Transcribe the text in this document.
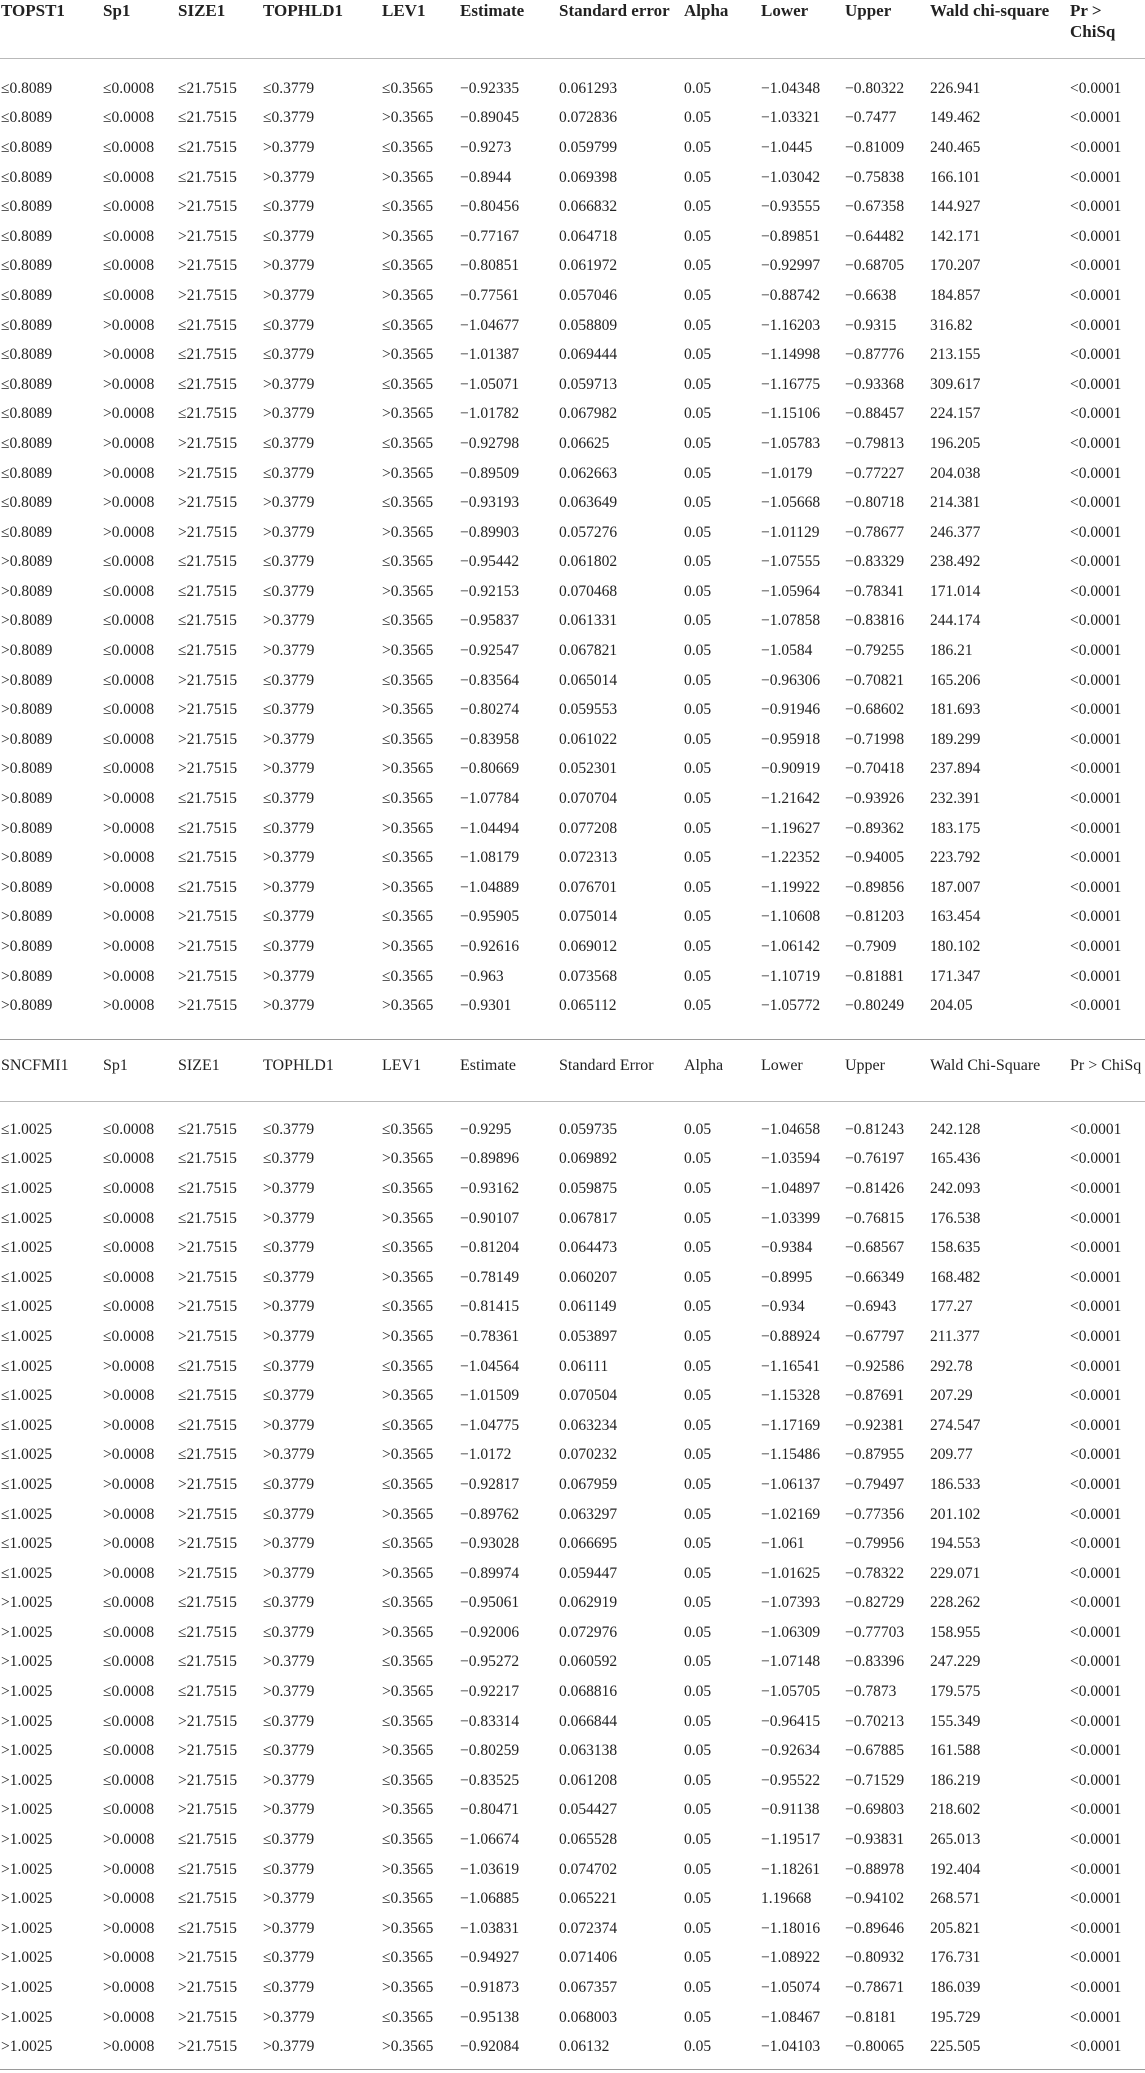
TOPST1	Sp1	SIZE1	TOPHLD1	LEV1	Estimate	Standard error	Alpha	Lower	Upper	Wald chi-square	Pr > ChiSq
≤0.8089	≤0.0008	≤21.7515	≤0.3779	≤0.3565	−0.92335	0.061293	0.05	−1.04348	−0.80322	226.941	<0.0001
≤0.8089	≤0.0008	≤21.7515	≤0.3779	>0.3565	−0.89045	0.072836	0.05	−1.03321	−0.7477	149.462	<0.0001
≤0.8089	≤0.0008	≤21.7515	>0.3779	≤0.3565	−0.9273	0.059799	0.05	−1.0445	−0.81009	240.465	<0.0001
≤0.8089	≤0.0008	≤21.7515	>0.3779	>0.3565	−0.8944	0.069398	0.05	−1.03042	−0.75838	166.101	<0.0001
≤0.8089	≤0.0008	>21.7515	≤0.3779	≤0.3565	−0.80456	0.066832	0.05	−0.93555	−0.67358	144.927	<0.0001
≤0.8089	≤0.0008	>21.7515	≤0.3779	>0.3565	−0.77167	0.064718	0.05	−0.89851	−0.64482	142.171	<0.0001
≤0.8089	≤0.0008	>21.7515	>0.3779	≤0.3565	−0.80851	0.061972	0.05	−0.92997	−0.68705	170.207	<0.0001
≤0.8089	≤0.0008	>21.7515	>0.3779	>0.3565	−0.77561	0.057046	0.05	−0.88742	−0.6638	184.857	<0.0001
≤0.8089	>0.0008	≤21.7515	≤0.3779	≤0.3565	−1.04677	0.058809	0.05	−1.16203	−0.9315	316.82	<0.0001
≤0.8089	>0.0008	≤21.7515	≤0.3779	>0.3565	−1.01387	0.069444	0.05	−1.14998	−0.87776	213.155	<0.0001
≤0.8089	>0.0008	≤21.7515	>0.3779	≤0.3565	−1.05071	0.059713	0.05	−1.16775	−0.93368	309.617	<0.0001
≤0.8089	>0.0008	≤21.7515	>0.3779	>0.3565	−1.01782	0.067982	0.05	−1.15106	−0.88457	224.157	<0.0001
≤0.8089	>0.0008	>21.7515	≤0.3779	≤0.3565	−0.92798	0.06625	0.05	−1.05783	−0.79813	196.205	<0.0001
≤0.8089	>0.0008	>21.7515	≤0.3779	>0.3565	−0.89509	0.062663	0.05	−1.0179	−0.77227	204.038	<0.0001
≤0.8089	>0.0008	>21.7515	>0.3779	≤0.3565	−0.93193	0.063649	0.05	−1.05668	−0.80718	214.381	<0.0001
≤0.8089	>0.0008	>21.7515	>0.3779	>0.3565	−0.89903	0.057276	0.05	−1.01129	−0.78677	246.377	<0.0001
>0.8089	≤0.0008	≤21.7515	≤0.3779	≤0.3565	−0.95442	0.061802	0.05	−1.07555	−0.83329	238.492	<0.0001
>0.8089	≤0.0008	≤21.7515	≤0.3779	>0.3565	−0.92153	0.070468	0.05	−1.05964	−0.78341	171.014	<0.0001
>0.8089	≤0.0008	≤21.7515	>0.3779	≤0.3565	−0.95837	0.061331	0.05	−1.07858	−0.83816	244.174	<0.0001
>0.8089	≤0.0008	≤21.7515	>0.3779	>0.3565	−0.92547	0.067821	0.05	−1.0584	−0.79255	186.21	<0.0001
>0.8089	≤0.0008	>21.7515	≤0.3779	≤0.3565	−0.83564	0.065014	0.05	−0.96306	−0.70821	165.206	<0.0001
>0.8089	≤0.0008	>21.7515	≤0.3779	>0.3565	−0.80274	0.059553	0.05	−0.91946	−0.68602	181.693	<0.0001
>0.8089	≤0.0008	>21.7515	>0.3779	≤0.3565	−0.83958	0.061022	0.05	−0.95918	−0.71998	189.299	<0.0001
>0.8089	≤0.0008	>21.7515	>0.3779	>0.3565	−0.80669	0.052301	0.05	−0.90919	−0.70418	237.894	<0.0001
>0.8089	>0.0008	≤21.7515	≤0.3779	≤0.3565	−1.07784	0.070704	0.05	−1.21642	−0.93926	232.391	<0.0001
>0.8089	>0.0008	≤21.7515	≤0.3779	>0.3565	−1.04494	0.077208	0.05	−1.19627	−0.89362	183.175	<0.0001
>0.8089	>0.0008	≤21.7515	>0.3779	≤0.3565	−1.08179	0.072313	0.05	−1.22352	−0.94005	223.792	<0.0001
>0.8089	>0.0008	≤21.7515	>0.3779	>0.3565	−1.04889	0.076701	0.05	−1.19922	−0.89856	187.007	<0.0001
>0.8089	>0.0008	>21.7515	≤0.3779	≤0.3565	−0.95905	0.075014	0.05	−1.10608	−0.81203	163.454	<0.0001
>0.8089	>0.0008	>21.7515	≤0.3779	>0.3565	−0.92616	0.069012	0.05	−1.06142	−0.7909	180.102	<0.0001
>0.8089	>0.0008	>21.7515	>0.3779	≤0.3565	−0.963	0.073568	0.05	−1.10719	−0.81881	171.347	<0.0001
>0.8089	>0.0008	>21.7515	>0.3779	>0.3565	−0.9301	0.065112	0.05	−1.05772	−0.80249	204.05	<0.0001
SNCFMI1	Sp1	SIZE1	TOPHLD1	LEV1	Estimate	Standard Error	Alpha	Lower	Upper	Wald Chi-Square	Pr > ChiSq
≤1.0025	≤0.0008	≤21.7515	≤0.3779	≤0.3565	−0.9295	0.059735	0.05	−1.04658	−0.81243	242.128	<0.0001
≤1.0025	≤0.0008	≤21.7515	≤0.3779	>0.3565	−0.89896	0.069892	0.05	−1.03594	−0.76197	165.436	<0.0001
≤1.0025	≤0.0008	≤21.7515	>0.3779	≤0.3565	−0.93162	0.059875	0.05	−1.04897	−0.81426	242.093	<0.0001
≤1.0025	≤0.0008	≤21.7515	>0.3779	>0.3565	−0.90107	0.067817	0.05	−1.03399	−0.76815	176.538	<0.0001
≤1.0025	≤0.0008	>21.7515	≤0.3779	≤0.3565	−0.81204	0.064473	0.05	−0.9384	−0.68567	158.635	<0.0001
≤1.0025	≤0.0008	>21.7515	≤0.3779	>0.3565	−0.78149	0.060207	0.05	−0.8995	−0.66349	168.482	<0.0001
≤1.0025	≤0.0008	>21.7515	>0.3779	≤0.3565	−0.81415	0.061149	0.05	−0.934	−0.6943	177.27	<0.0001
≤1.0025	≤0.0008	>21.7515	>0.3779	>0.3565	−0.78361	0.053897	0.05	−0.88924	−0.67797	211.377	<0.0001
≤1.0025	>0.0008	≤21.7515	≤0.3779	≤0.3565	−1.04564	0.06111	0.05	−1.16541	−0.92586	292.78	<0.0001
≤1.0025	>0.0008	≤21.7515	≤0.3779	>0.3565	−1.01509	0.070504	0.05	−1.15328	−0.87691	207.29	<0.0001
≤1.0025	>0.0008	≤21.7515	>0.3779	≤0.3565	−1.04775	0.063234	0.05	−1.17169	−0.92381	274.547	<0.0001
≤1.0025	>0.0008	≤21.7515	>0.3779	>0.3565	−1.0172	0.070232	0.05	−1.15486	−0.87955	209.77	<0.0001
≤1.0025	>0.0008	>21.7515	≤0.3779	≤0.3565	−0.92817	0.067959	0.05	−1.06137	−0.79497	186.533	<0.0001
≤1.0025	>0.0008	>21.7515	≤0.3779	>0.3565	−0.89762	0.063297	0.05	−1.02169	−0.77356	201.102	<0.0001
≤1.0025	>0.0008	>21.7515	>0.3779	≤0.3565	−0.93028	0.066695	0.05	−1.061	−0.79956	194.553	<0.0001
≤1.0025	>0.0008	>21.7515	>0.3779	>0.3565	−0.89974	0.059447	0.05	−1.01625	−0.78322	229.071	<0.0001
>1.0025	≤0.0008	≤21.7515	≤0.3779	≤0.3565	−0.95061	0.062919	0.05	−1.07393	−0.82729	228.262	<0.0001
>1.0025	≤0.0008	≤21.7515	≤0.3779	>0.3565	−0.92006	0.072976	0.05	−1.06309	−0.77703	158.955	<0.0001
>1.0025	≤0.0008	≤21.7515	>0.3779	≤0.3565	−0.95272	0.060592	0.05	−1.07148	−0.83396	247.229	<0.0001
>1.0025	≤0.0008	≤21.7515	>0.3779	>0.3565	−0.92217	0.068816	0.05	−1.05705	−0.7873	179.575	<0.0001
>1.0025	≤0.0008	>21.7515	≤0.3779	≤0.3565	−0.83314	0.066844	0.05	−0.96415	−0.70213	155.349	<0.0001
>1.0025	≤0.0008	>21.7515	≤0.3779	>0.3565	−0.80259	0.063138	0.05	−0.92634	−0.67885	161.588	<0.0001
>1.0025	≤0.0008	>21.7515	>0.3779	≤0.3565	−0.83525	0.061208	0.05	−0.95522	−0.71529	186.219	<0.0001
>1.0025	≤0.0008	>21.7515	>0.3779	>0.3565	−0.80471	0.054427	0.05	−0.91138	−0.69803	218.602	<0.0001
>1.0025	>0.0008	≤21.7515	≤0.3779	≤0.3565	−1.06674	0.065528	0.05	−1.19517	−0.93831	265.013	<0.0001
>1.0025	>0.0008	≤21.7515	≤0.3779	>0.3565	−1.03619	0.074702	0.05	−1.18261	−0.88978	192.404	<0.0001
>1.0025	>0.0008	≤21.7515	>0.3779	≤0.3565	−1.06885	0.065221	0.05	1.19668	−0.94102	268.571	<0.0001
>1.0025	>0.0008	≤21.7515	>0.3779	>0.3565	−1.03831	0.072374	0.05	−1.18016	−0.89646	205.821	<0.0001
>1.0025	>0.0008	>21.7515	≤0.3779	≤0.3565	−0.94927	0.071406	0.05	−1.08922	−0.80932	176.731	<0.0001
>1.0025	>0.0008	>21.7515	≤0.3779	>0.3565	−0.91873	0.067357	0.05	−1.05074	−0.78671	186.039	<0.0001
>1.0025	>0.0008	>21.7515	>0.3779	≤0.3565	−0.95138	0.068003	0.05	−1.08467	−0.8181	195.729	<0.0001
>1.0025	>0.0008	>21.7515	>0.3779	>0.3565	−0.92084	0.06132	0.05	−1.04103	−0.80065	225.505	<0.0001
